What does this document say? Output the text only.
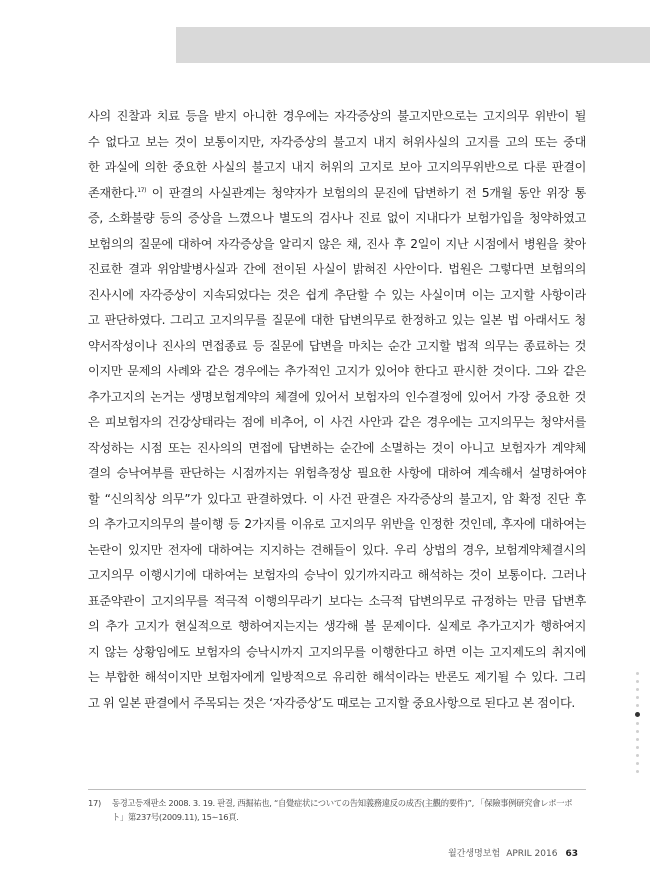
사의 진찰과 치료 등을 받지 아니한 경우에는 자각증상의 불고지만으로는 고지의무 위반이 될
수 없다고 보는 것이 보통이지만, 자각증상의 불고지 내지 허위사실의 고지를 고의 또는 중대
한 과실에 의한 중요한 사실의 불고지 내지 허위의 고지로 보아 고지의무위반으로 다룬 판결이
존재한다.$^{17)}$ 이 판결의 사실관계는 청약자가 보험의의 문진에 답변하기 전 5개월 동안 위장 통
증, 소화불량 등의 증상을 느꼈으나 별도의 검사나 진료 없이 지내다가 보험가입을 청약하였고
보험의의 질문에 대하여 자각증상을 알리지 않은 채, 진사 후 2일이 지난 시점에서 병원을 찾아
진료한 결과 위암발병사실과 간에 전이된 사실이 밝혀진 사안이다. 법원은 그렇다면 보험의의
진사시에 자각증상이 지속되었다는 것은 쉽게 추단할 수 있는 사실이며 이는 고지할 사항이라
고 판단하였다. 그리고 고지의무를 질문에 대한 답변의무로 한정하고 있는 일본 법 아래서도 청
약서작성이나 진사의 면접종료 등 질문에 답변을 마치는 순간 고지할 법적 의무는 종료하는 것
이지만 문제의 사례와 같은 경우에는 추가적인 고지가 있어야 한다고 판시한 것이다. 그와 같은
추가고지의 논거는 생명보험계약의 체결에 있어서 보험자의 인수결정에 있어서 가장 중요한 것
은 피보험자의 건강상태라는 점에 비추어, 이 사건 사안과 같은 경우에는 고지의무는 청약서를
작성하는 시점 또는 진사의의 면접에 답변하는 순간에 소멸하는 것이 아니고 보험자가 계약체
결의 승낙여부를 판단하는 시점까지는 위험측정상 필요한 사항에 대하여 계속해서 설명하여야
할 “신의칙상 의무”가 있다고 판결하였다. 이 사건 판결은 자각증상의 불고지, 암 확정 진단 후
의 추가고지의무의 불이행 등 2가지를 이유로 고지의무 위반을 인정한 것인데, 후자에 대하여는
논란이 있지만 전자에 대하여는 지지하는 견해들이 있다. 우리 상법의 경우, 보험계약체결시의
고지의무 이행시기에 대하여는 보험자의 승낙이 있기까지라고 해석하는 것이 보통이다. 그러나
표준약관이 고지의무를 적극적 이행의무라기 보다는 소극적 답변의무로 규정하는 만큼 답변후
의 추가 고지가 현실적으로 행하여지는지는 생각해 볼 문제이다. 실제로 추가고지가 행하여지
지 않는 상황임에도 보험자의 승낙시까지 고지의무를 이행한다고 하면 이는 고지제도의 취지에
는 부합한 해석이지만 보험자에게 일방적으로 유리한 해석이라는 반론도 제기될 수 있다. 그리
고 위 일본 판결에서 주목되는 것은 ‘자각증상’도 때로는 고지할 중요사항으로 된다고 본 점이다.
17) 동경고등재판소 2008. 3. 19. 판결, 西掘祐也, “自覺症状についての告知義務違反の成否(主觀的要件)”, 「保險事例研究會レポ一ポ
ト」第237号(2009.11), 15∼16頁.
월간생명보험 APRIL 2016 63
